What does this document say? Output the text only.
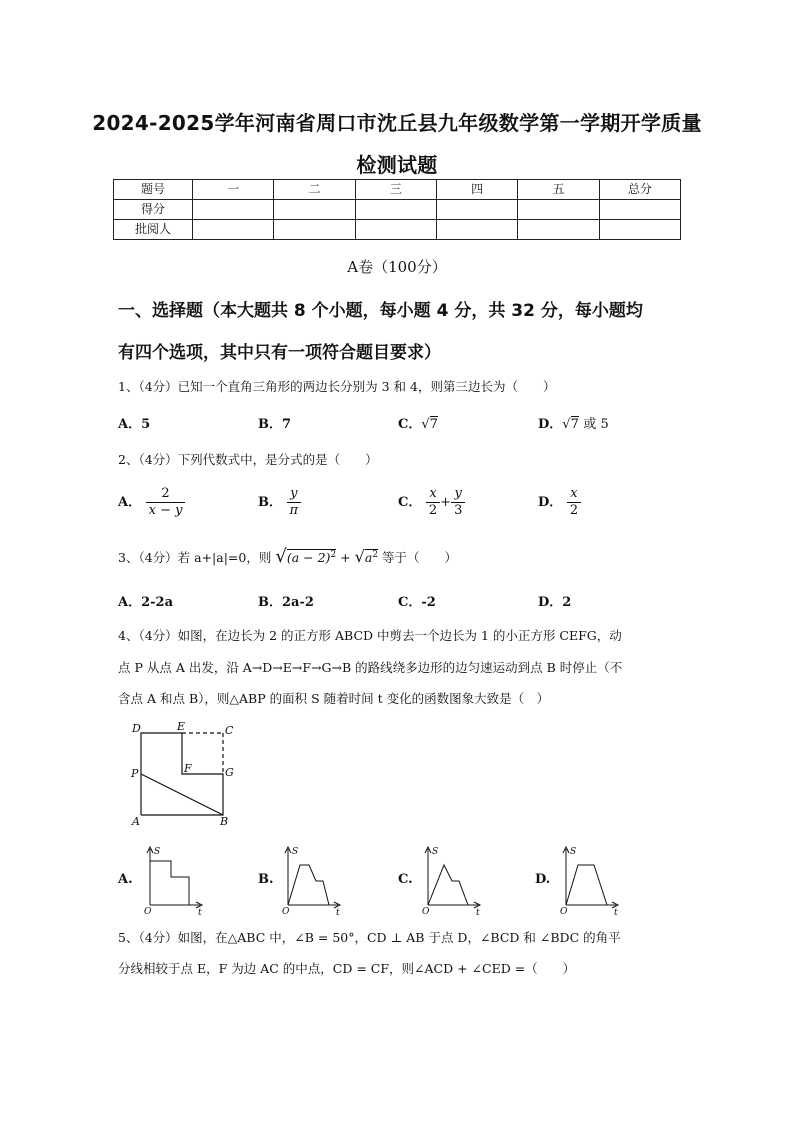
2024-2025学年河南省周口市沈丘县九年级数学第一学期开学质量
检测试题
题号	一	二	三	四	五	总分
得分						
批阅人						
A卷（100分）
一、选择题（本大题共 8 个小题，每小题 4 分，共 32 分，每小题均
有四个选项，其中只有一项符合题目要求）
1、（4分）已知一个直角三角形的两边长分别为 3 和 4，则第三边长为（　　）
A．5	B．7	C．√7	D．√7 或 5
2、（4分）下列代数式中，是分式的是（　　）
A． $\frac{2}{x - y}$	B． $\frac{y}{\pi}$	C． $\frac{x}{2} + \frac{y}{3}$	D． $\frac{x}{2}$
3、（4分）若 a+|a|=0，则 $√(a - 2)^2 + √a^2$ 等于（　　）
A．2-2a	B．2a-2	C．-2	D．2
4、（4分）如图，在边长为 2 的正方形 ABCD 中剪去一个边长为 1 的小正方形 CEFG，动
点 P 从点 A 出发，沿 A→D→E→F→G→B 的路线绕多边形的边匀速运动到点 B 时停止（不
含点 A 和点 B），则△ABP 的面积 S 随着时间 t 变化的函数图象大致是（　）
D	E	C
P	F	G
A	B
A.
S
O	t
B.
S
O	t
C.
S
O	t
D.
S
O	t
5、（4分）如图，在△ABC 中，∠B = 50°，CD ⊥ AB 于点 D，∠BCD 和 ∠BDC 的角平
分线相较于点 E，F 为边 AC 的中点，CD = CF，则∠ACD + ∠CED =（　　）
